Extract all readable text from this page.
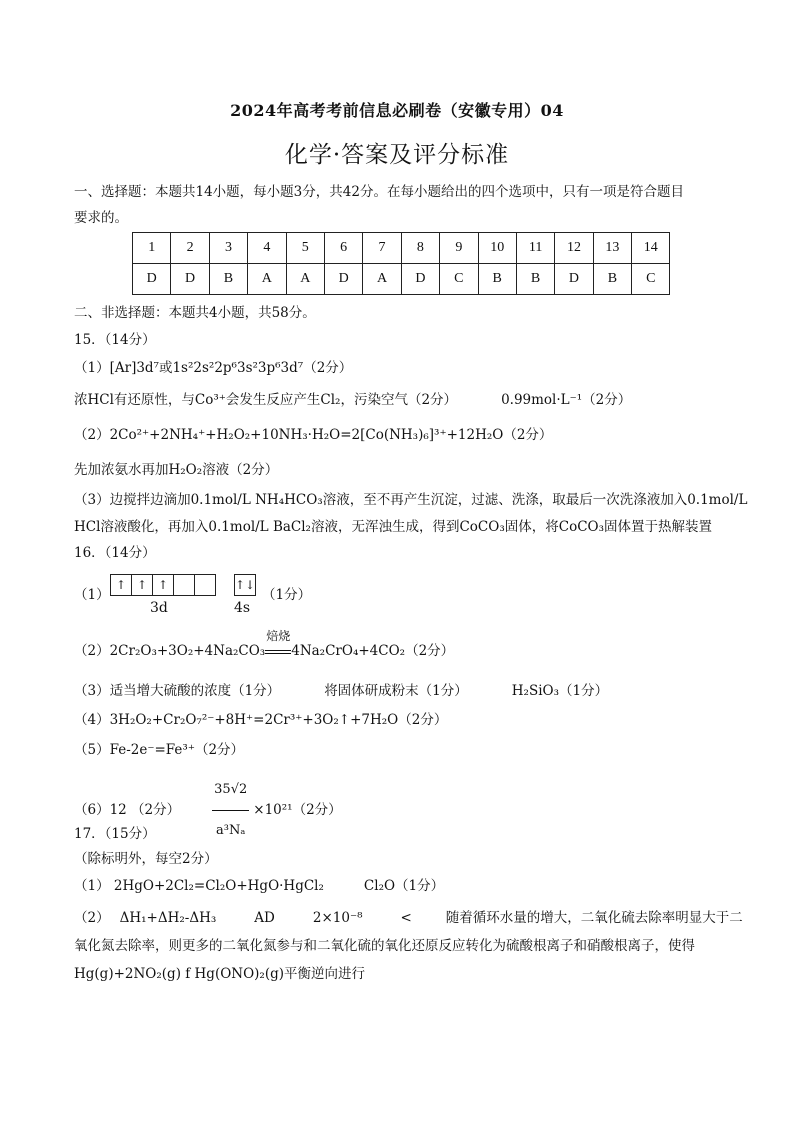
2024年高考考前信息必刷卷（安徽专用）04
化学·答案及评分标准
一、选择题：本题共14小题，每小题3分，共42分。在每小题给出的四个选项中，只有一项是符合题目
要求的。
1	2	3	4	5	6	7	8	9	10	11	12	13	14
D	D	B	A	A	D	A	D	C	B	B	D	B	C
二、非选择题：本题共4小题，共58分。
15．（14分）
（1）[Ar]3d⁷或1s²2s²2p⁶3s²3p⁶3d⁷（2分）
浓HCl有还原性，与Co³⁺会发生反应产生Cl₂，污染空气（2分）	0.99mol·L⁻¹（2分）
（2）2Co²⁺+2NH₄⁺+H₂O₂+10NH₃·H₂O=2[Co(NH₃)₆]³⁺+12H₂O（2分）
先加浓氨水再加H₂O₂溶液（2分）
（3）边搅拌边滴加0.1mol/L NH₄HCO₃溶液，至不再产生沉淀，过滤、洗涤，取最后一次洗涤液加入0.1mol/L
HCl溶液酸化，再加入0.1mol/L BaCl₂溶液，无浑浊生成，得到CoCO₃固体，将CoCO₃固体置于热解装置
16．（14分）
（1）
↑ ↑ ↑	↑↓
3d	4s
（1分）
（2）2Cr₂O₃+3O₂+4Na₂CO₃
焙烧
4Na₂CrO₄+4CO₂（2分）
（3）适当增大硫酸的浓度（1分）	将固体研成粉末（1分）	H₂SiO₃（1分）
（4）3H₂O₂+Cr₂O₇²⁻+8H⁺=2Cr³⁺+3O₂↑+7H₂O（2分）
（5）Fe-2e⁻=Fe³⁺（2分）
（6）12 （2分） $\frac{35√2}{\text{a³Nₐ}} \times 10^{21}(2$分）
17．（15分）
（除标明外，每空2分）
（1） 2HgO+2Cl₂=Cl₂O+HgO·HgCl₂	Cl₂O（1分）
（2） ΔH₁+ΔH₂-ΔH₃	AD	2×10⁻⁸	<	随着循环水量的增大，二氧化硫去除率明显大于二
氧化氮去除率，则更多的二氧化氮参与和二氧化硫的氧化还原反应转化为硫酸根离子和硝酸根离子，使得
Hg(g)+2NO₂(g) f Hg(ONO)₂(g)平衡逆向进行
